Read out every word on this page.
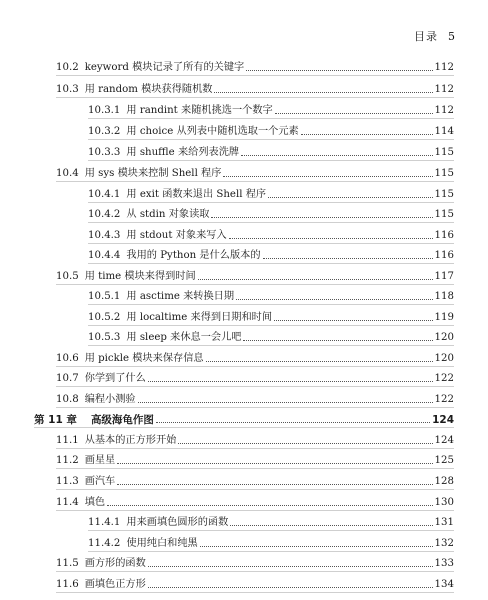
目录 5
10.2 keyword 模块记录了所有的关键字	112
10.3 用 random 模块获得随机数	112
10.3.1 用 randint 来随机挑选一个数字	112
10.3.2 用 choice 从列表中随机选取一个元素	114
10.3.3 用 shuffle 来给列表洗牌	115
10.4 用 sys 模块来控制 Shell 程序	115
10.4.1 用 exit 函数来退出 Shell 程序	115
10.4.2 从 stdin 对象读取	115
10.4.3 用 stdout 对象来写入	116
10.4.4 我用的 Python 是什么版本的	116
10.5 用 time 模块来得到时间	117
10.5.1 用 asctime 来转换日期	118
10.5.2 用 localtime 来得到日期和时间	119
10.5.3 用 sleep 来休息一会儿吧	120
10.6 用 pickle 模块来保存信息	120
10.7 你学到了什么	122
10.8 编程小测验	122
第 11 章 高级海龟作图	124
11.1 从基本的正方形开始	124
11.2 画星星	125
11.3 画汽车	128
11.4 填色	130
11.4.1 用来画填色圆形的函数	131
11.4.2 使用纯白和纯黑	132
11.5 画方形的函数	133
11.6 画填色正方形	134
